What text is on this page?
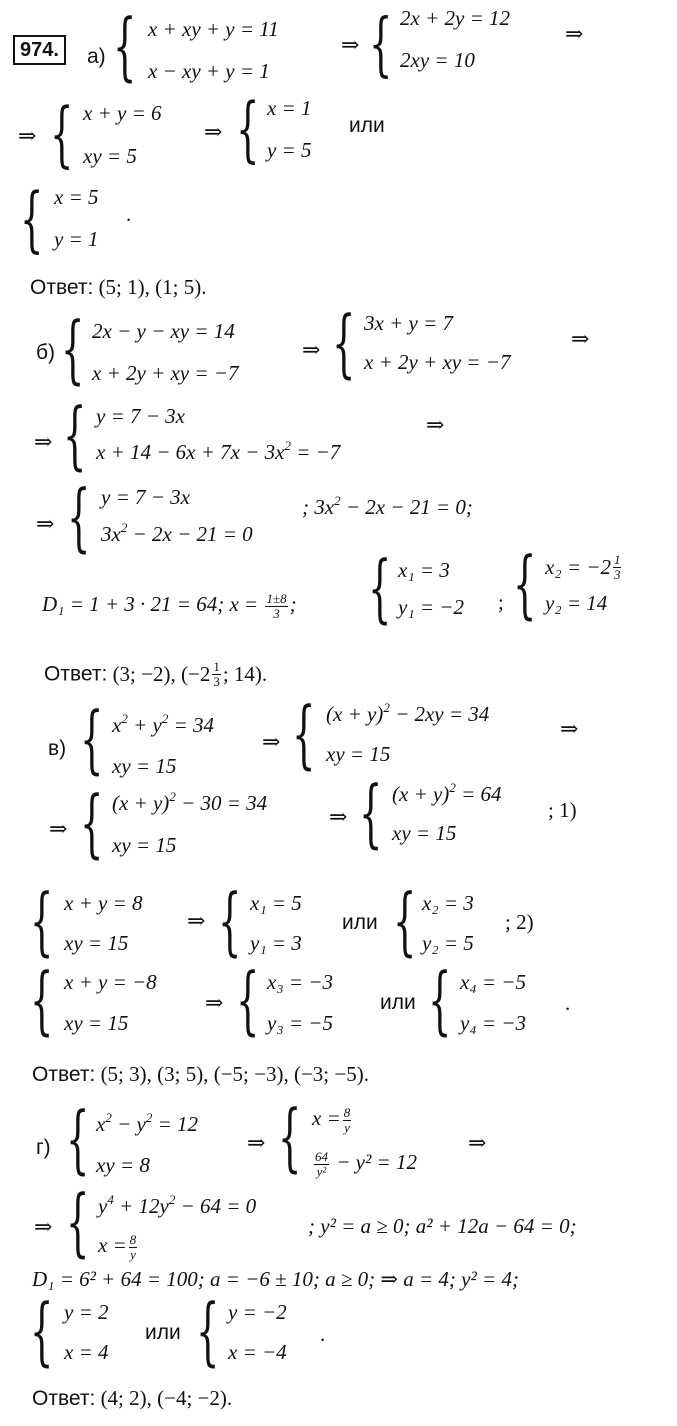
974.	а) { x + xy + y = 11
x − xy + y = 1
⇒ { 2x + 2y = 12
2xy = 10
⇒
⇒ { x + y = 6
xy = 5
⇒ { x = 1
y = 5
или
{ x = 5
y = 1
.
Ответ: (5; 1), (1; 5).
б) { 2x − y − xy = 14
x + 2y + xy = −7
⇒ { 3x + y = 7
x + 2y + xy = −7
⇒
⇒ { y = 7 − 3x
$x + 14 - 6x + 7x - 3x^2 = -7$
⇒
⇒ { y = 7 − 3x
$3x^2 - 2x - 21 = 0$
; $3x^2 - 2x - 21 = 0$;
D₁ = 1 + 3 · 21 = 64; $x = \frac{1\pm 8}{3}$ ; { x₁ = 3
y₁ = −2 ; { $x_2 = -2 \frac{1}{3}$
y₂ = 14
Ответ: (3; −2), ($-2 \frac{1}{3}$ ; 14).
в) { $x^2 + y^2 = 34$
xy = 15
⇒ { $(x + y)^2 - 2xy = 34$
xy = 15
⇒
⇒ { $(x + y)^2 - 30 = 34$
xy = 15
⇒ { $(x + y)^2 = 64$
xy = 15
; 1)
{ x + y = 8
xy = 15
⇒ { x₁ = 5
y₁ = 3
или { x₂ = 3
y₂ = 5
; 2)
{ x + y = −8
xy = 15
⇒ { x₃ = −3
y₃ = −5
или { x₄ = −5
y₄ = −3
.
Ответ: (5; 3), (3; 5), (−5; −3), (−3; −5).
г) { $x^2 - y^2 = 12$
xy = 8
⇒ { $x = \frac{8}{y}$
$\frac{64}{\text{y²}} - y^2 = 12$
⇒
⇒ { $y^4 + 12y^2 - 64 = 0$
$x = \frac{8}{y}$
; y² = a ≥ 0; a² + 12a − 64 = 0;
D₁ = 6² + 64 = 100; a = −6 ± 10; a ≥ 0; ⇒ a = 4; y² = 4;
{ y = 2
x = 4
или { y = −2
x = −4
.
Ответ: (4; 2), (−4; −2).
